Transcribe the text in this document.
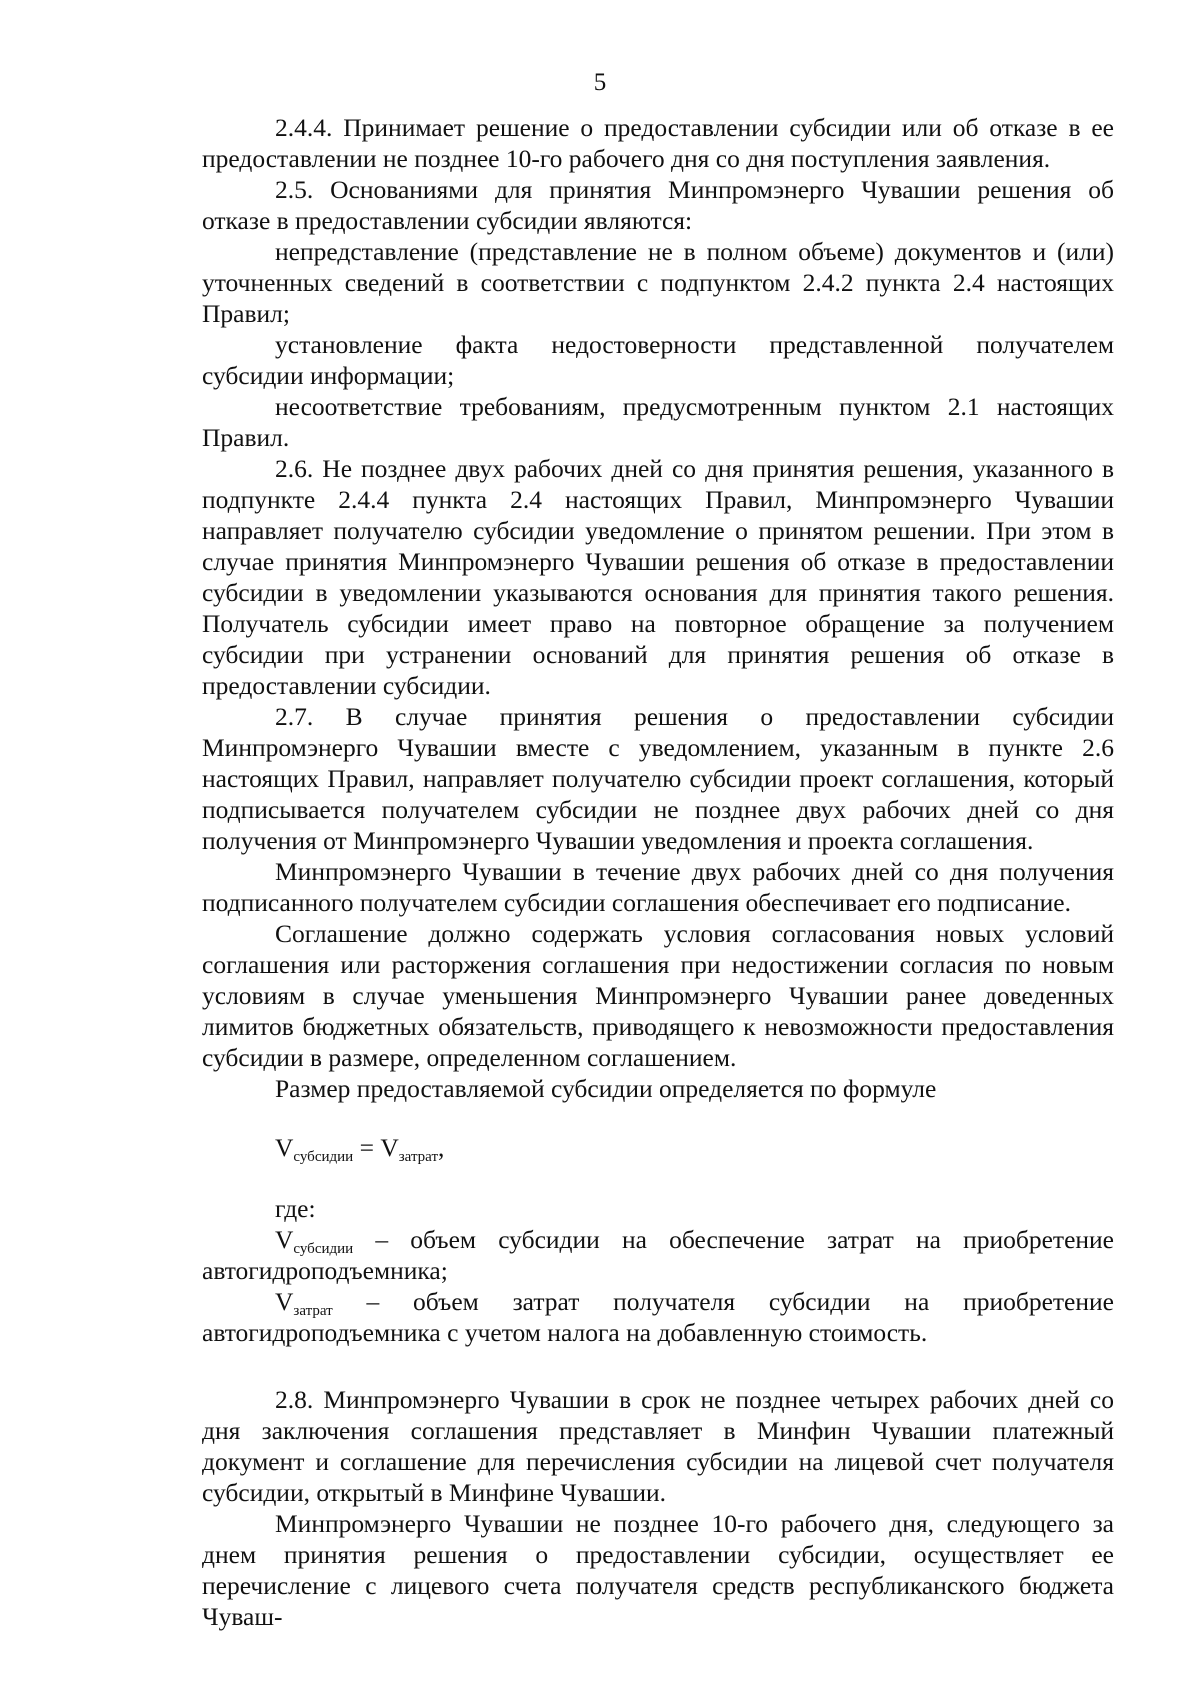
5

2.4.4. Принимает решение о предоставлении субсидии или об отказе в ее предоставлении не позднее 10-го рабочего дня со дня поступления заявления.

2.5. Основаниями для принятия Минпромэнерго Чувашии решения об отказе в предоставлении субсидии являются:

непредставление (представление не в полном объеме) документов и (или) уточненных сведений в соответствии с подпунктом 2.4.2 пункта 2.4 настоящих Правил;

установление факта недостоверности представленной получателем субсидии информации;

несоответствие требованиям, предусмотренным пунктом 2.1 настоящих Правил.

2.6. Не позднее двух рабочих дней со дня принятия решения, указанного в подпункте 2.4.4 пункта 2.4 настоящих Правил, Минпромэнерго Чувашии направляет получателю субсидии уведомление о принятом решении. При этом в случае принятия Минпромэнерго Чувашии решения об отказе в предоставлении субсидии в уведомлении указываются основания для принятия такого решения. Получатель субсидии имеет право на повторное обращение за получением субсидии при устранении оснований для принятия решения об отказе в предоставлении субсидии.

2.7. В случае принятия решения о предоставлении субсидии Минпромэнерго Чувашии вместе с уведомлением, указанным в пункте 2.6 настоящих Правил, направляет получателю субсидии проект соглашения, который подписывается получателем субсидии не позднее двух рабочих дней со дня получения от Минпромэнерго Чувашии уведомления и проекта соглашения.

Минпромэнерго Чувашии в течение двух рабочих дней со дня получения подписанного получателем субсидии соглашения обеспечивает его подписание.

Соглашение должно содержать условия согласования новых условий соглашения или расторжения соглашения при недостижении согласия по новым условиям в случае уменьшения Минпромэнерго Чувашии ранее доведенных лимитов бюджетных обязательств, приводящего к невозможности предоставления субсидии в размере, определенном соглашением.

Размер предоставляемой субсидии определяется по формуле

$V_{субсидии} = V_{затрат}$,

где:

$V_{субсидии}$ – объем субсидии на обеспечение затрат на приобретение автогидроподъемника;

$V_{затрат}$ – объем затрат получателя субсидии на приобретение автогидроподъемника с учетом налога на добавленную стоимость.

2.8. Минпромэнерго Чувашии в срок не позднее четырех рабочих дней со дня заключения соглашения представляет в Минфин Чувашии платежный документ и соглашение для перечисления субсидии на лицевой счет получателя субсидии, открытый в Минфине Чувашии.

Минпромэнерго Чувашии не позднее 10-го рабочего дня, следующего за днем принятия решения о предоставлении субсидии, осуществляет ее перечисление с лицевого счета получателя средств республиканского бюджета Чуваш-
